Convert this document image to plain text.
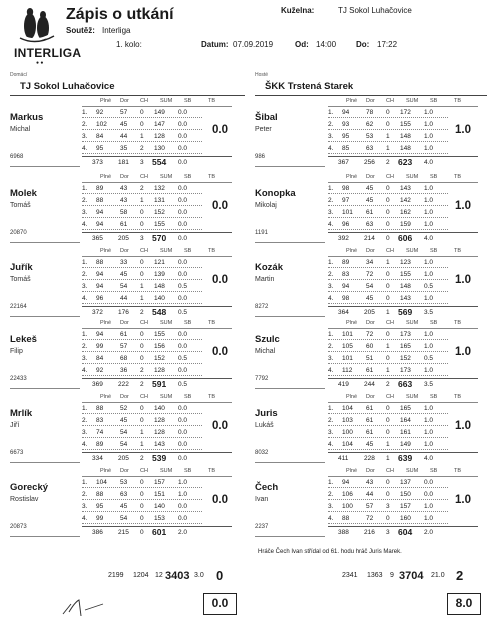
INTERLIGA
● ●
Zápis o utkání
Soutěž: Interliga
1. kolo:
Kuželna:	TJ Sokol Luhačovice
Datum: 07.09.2019	Od: 14:00 Do: 17:22
Domácí
TJ Sokol Luhačovice
Hosté
ŠKK Trstená Starek
Plné Dor CH SUM SB	TB
Markus
Michal
6968
1. 92	57 0 149 0.0
2. 102 45 0 147 0.0
3. 84	44 1 128 0.0
4. 95	35 2 130 0.0
373 181 3 554 0.0
0.0
Plné Dor CH SUM SB	TB
Molek
Tomáš
20870
1. 89	43 2 132 0.0
2. 88	43 1 131 0.0
3. 94	58 0 152 0.0
4. 94	61 0 155 0.0
365 205 3 570 0.0
0.0
Plné Dor CH SUM SB	TB
Juřík
Tomáš
22164
1. 88	33 0 121 0.0
2. 94	45 0 139 0.0
3. 94	54 1 148 0.5
4. 96	44 1 140 0.0
372 176 2 548 0.5
0.0
Plné Dor CH SUM SB	TB
Lekeš
Filip
22433
1. 94	61 0 155 0.0
2. 99	57 0 156 0.0
3. 84	68 0 152 0.5
4. 92	36 2 128 0.0
369 222 2 591 0.5
0.0
Plné Dor CH SUM SB	TB
Mrlík
Jiří
6673
1. 88	52 0 140 0.0
2. 83	45 0 128 0.0
3. 74	54 1 128 0.0
4. 89	54 1 143 0.0
334 205 2 539 0.0
0.0
Plné Dor CH SUM SB	TB
Gorecký
Rostislav
20873
1. 104 53 0 157 1.0
2. 88	63 0 151 1.0
3. 95	45 0 140 0.0
4. 99	54 0 153 0.0
386 215 0 601 2.0
0.0
Plné Dor CH SUM SB	TB
Šibal
Peter
986
1. 94	78 0 172 1.0
2. 93	62 0 155 1.0
3. 95	53 1 148 1.0
4. 85	63 1 148 1.0
367 256 2 623 4.0
1.0
Plné Dor CH SUM SB	TB
Konopka
Mikolaj
1191
1. 98	45 0 143 1.0
2. 97	45 0 142 1.0
3. 101 61 0 162 1.0
4. 96	63 0 159 1.0
392 214 0 606 4.0
1.0
Plné Dor CH SUM SB	TB
Kozák
Martin
8272
1. 89	34 1 123 1.0
2. 83	72 0 155 1.0
3. 94	54 0 148 0.5
4. 98	45 0 143 1.0
364 205 1 569 3.5
1.0
Plné Dor CH SUM SB	TB
Szulc
Michal
7792
1. 101 72 0 173 1.0
2. 105 60 1 165 1.0
3. 101 51 0 152 0.5
4. 112 61 1 173 1.0
419 244 2 663 3.5
1.0
Plné Dor CH SUM SB	TB
Juris
Lukáš
8032
1. 104 61 0 165 1.0
2. 103 61 0 164 1.0
3. 100 61 0 161 1.0
4. 104 45 1 149 1.0
411 228 1 639 4.0
1.0
Plné Dor CH SUM SB	TB
Čech
Ivan
2237
1. 94	43 0 137 0.0
2. 106 44 0 150 0.0
3. 100 57 3 157 1.0
4. 88	72 0 160 1.0
388 216 3 604 2.0
1.0
Hráče Čech Ivan střídal od 61. hodu hráč Juris Marek.
2199 1204 12 3403 3.0 0	2341 1363 9 3704 21.0 2
0.0	8.0
